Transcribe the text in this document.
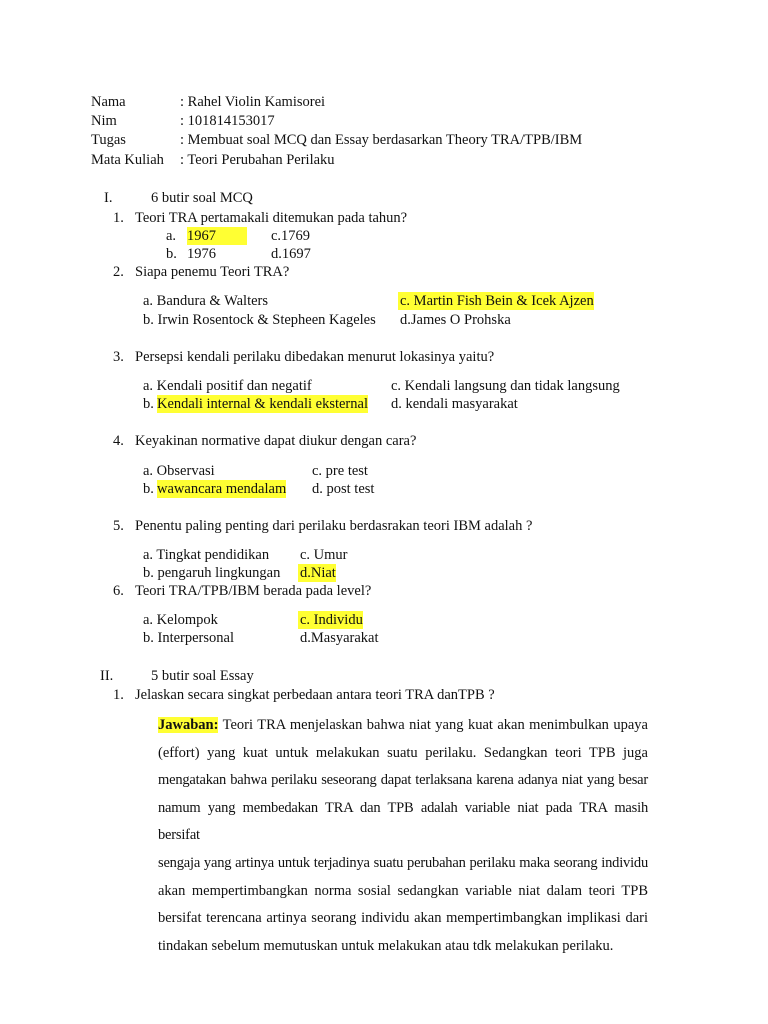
Nama	: Rahel Violin Kamisorei
Nim	: 101814153017
Tugas	: Membuat soal MCQ dan Essay berdasarkan Theory TRA/TPB/IBM
Mata Kuliah : Teori Perubahan Perilaku
I.	6 butir soal MCQ
1. Teori TRA pertamakali ditemukan pada tahun?
a. 1967	c.1769
b. 1976	d.1697
2. Siapa penemu Teori TRA?
a. Bandura & Walters	c. Martin Fish Bein & Icek Ajzen
b. Irwin Rosentock & Stepheen Kageles d.James O Prohska
3. Persepsi kendali perilaku dibedakan menurut lokasinya yaitu?
a. Kendali positif dan negatif	c. Kendali langsung dan tidak langsung
b. Kendali internal & kendali eksternal d. kendali masyarakat
4. Keyakinan normative dapat diukur dengan cara?
a. Observasi	c. pre test
b. wawancara mendalam d. post test
5. Penentu paling penting dari perilaku berdasrakan teori IBM adalah ?
a. Tingkat pendidikan c. Umur
b. pengaruh lingkungan d.Niat
6. Teori TRA/TPB/IBM berada pada level?
a. Kelompok	c. Individu
b. Interpersonal	d.Masyarakat
II.	5 butir soal Essay
1. Jelaskan secara singkat perbedaan antara teori TRA danTPB ?

Jawaban: Teori TRA menjelaskan bahwa niat yang kuat akan menimbulkan upaya

(effort) yang kuat untuk melakukan suatu perilaku. Sedangkan teori TPB juga

mengatakan bahwa perilaku seseorang dapat terlaksana karena adanya niat yang besar

namum yang membedakan TRA dan TPB adalah variable niat pada TRA masih bersifat

sengaja yang artinya untuk terjadinya suatu perubahan perilaku maka seorang individu

akan mempertimbangkan norma sosial sedangkan variable niat dalam teori TPB

bersifat terencana artinya seorang individu akan mempertimbangkan implikasi dari

tindakan sebelum memutuskan untuk melakukan atau tdk melakukan perilaku.
